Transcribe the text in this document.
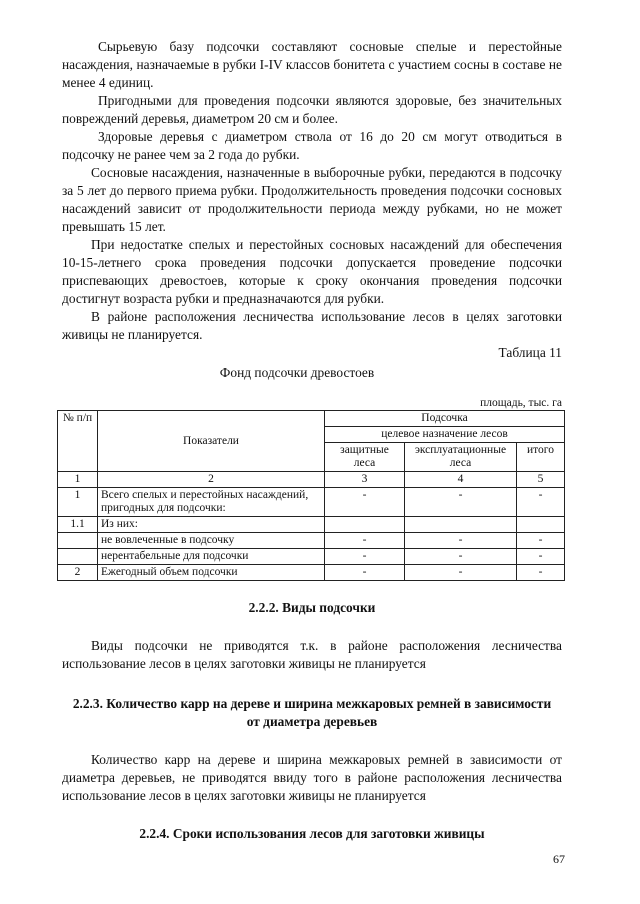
Сырьевую базу подсочки составляют сосновые спелые и перестойные насаждения, назначаемые в рубки I-IV классов бонитета с участием сосны в составе не менее 4 единиц.

Пригодными для проведения подсочки являются здоровые, без значительных повреждений деревья, диаметром 20 см и более.

Здоровые деревья с диаметром ствола от 16 до 20 см могут отводиться в подсочку не ранее чем за 2 года до рубки.

Сосновые насаждения, назначенные в выборочные рубки, передаются в подсочку за 5 лет до первого приема рубки. Продолжительность проведения подсочки сосновых насаждений зависит от продолжительности периода между рубками, но не может превышать 15 лет.

При недостатке спелых и перестойных сосновых насаждений для обеспечения 10-15-летнего срока проведения подсочки допускается проведение подсочки приспевающих древостоев, которые к сроку окончания проведения подсочки достигнут возраста рубки и предназначаются для рубки.

В районе расположения лесничества использование лесов в целях заготовки живицы не планируется.

Таблица 11

Фонд подсочки древостоев

площадь, тыс. га

№ п/п	Показатели	Подсочка		
		целевое назначение лесов		
		защитные леса	эксплуатационные леса	итого
1	2	3	4	5
1	Всего спелых и перестойных насаждений, пригодных для подсочки:	-	-	-
1.1	Из них:			
	не вовлеченные в подсочку	-	-	-
	нерентабельные для подсочки	-	-	-
2	Ежегодный объем подсочки	-	-	-
2.2.2. Виды подсочки

Виды подсочки не приводятся т.к. в районе расположения лесничества использование лесов в целях заготовки живицы не планируется

2.2.3. Количество карр на дереве и ширина межкаровых ремней в зависимости от диаметра деревьев

Количество карр на дереве и ширина межкаровых ремней в зависимости от диаметра деревьев, не приводятся ввиду того в районе расположения лесничества использование лесов в целях заготовки живицы не планируется

2.2.4. Сроки использования лесов для заготовки живицы
67
